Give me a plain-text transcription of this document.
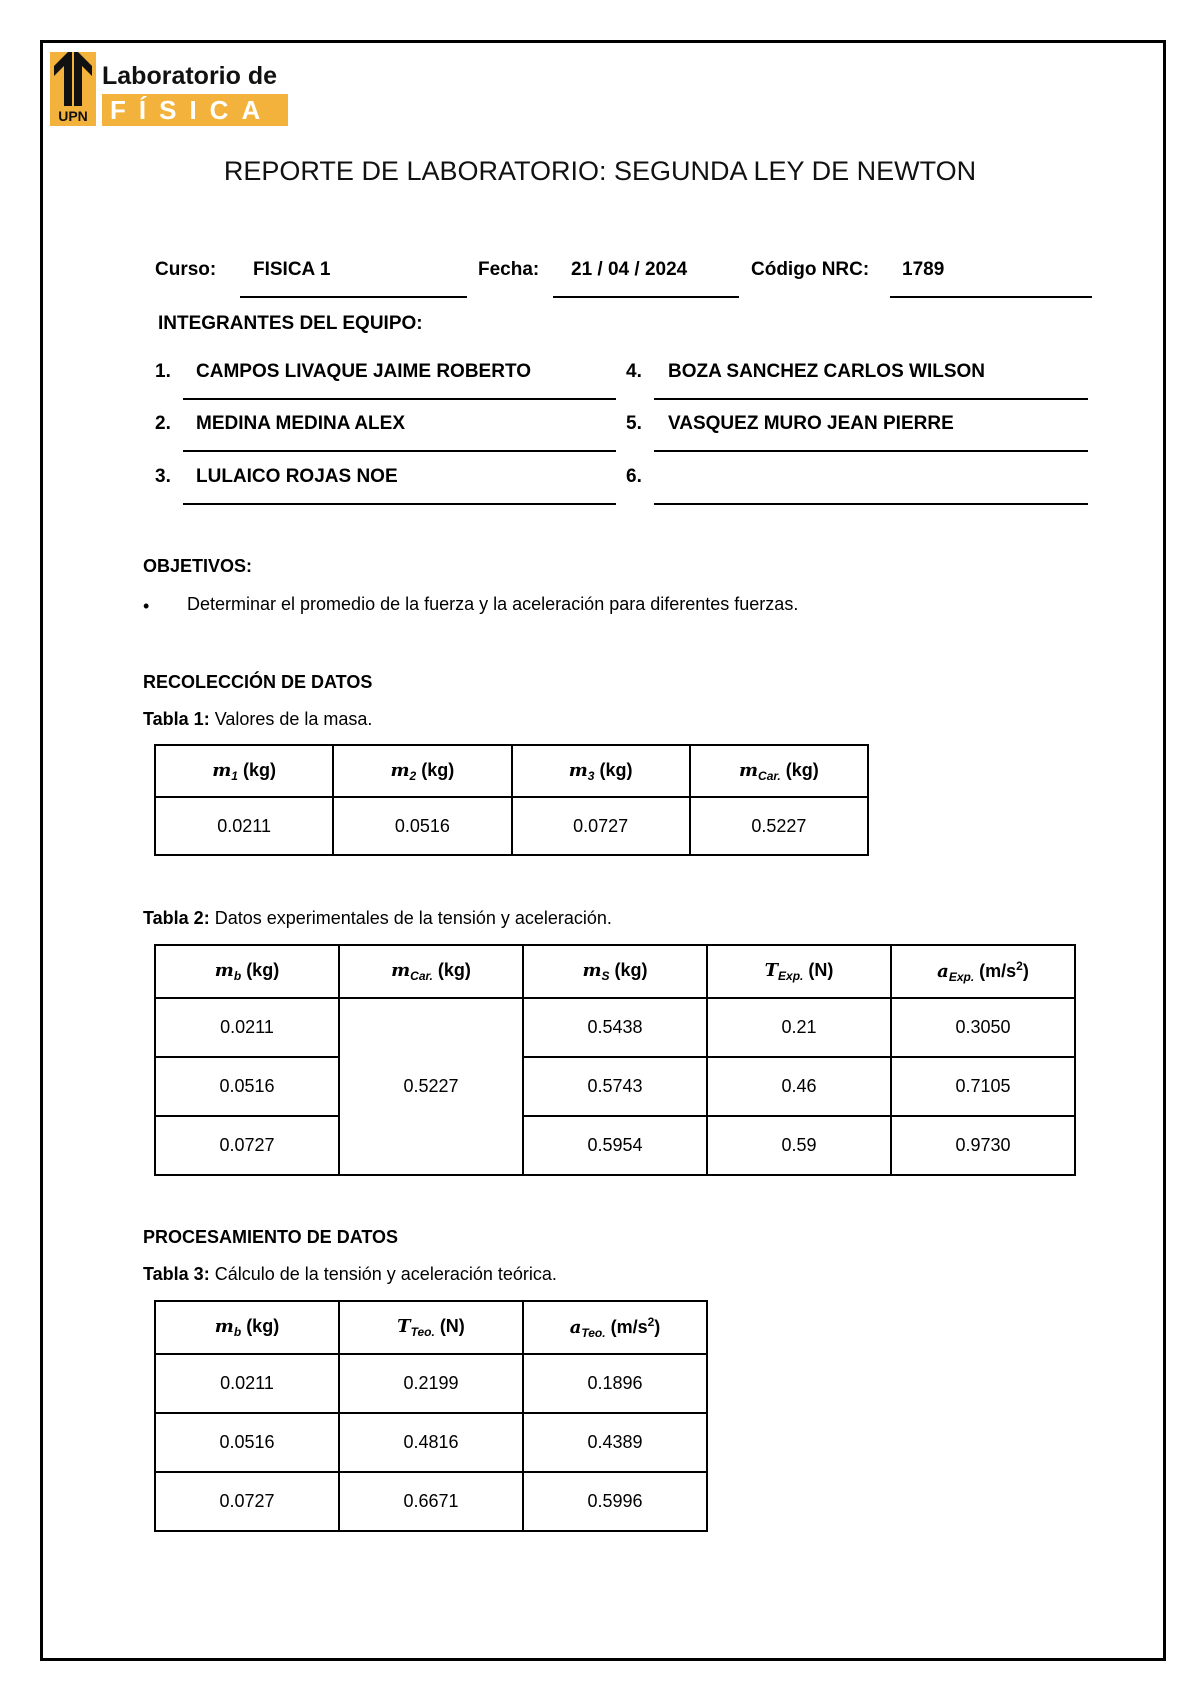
UPN
Laboratorio de
FÍSICA
REPORTE DE LABORATORIO: SEGUNDA LEY DE NEWTON
Curso: FISICA 1	Fecha: 21 / 04 / 2024	Código NRC: 1789
INTEGRANTES DEL EQUIPO:
1. CAMPOS LIVAQUE JAIME ROBERTO
2. MEDINA MEDINA ALEX
3. LULAICO ROJAS NOE
4. BOZA SANCHEZ CARLOS WILSON
5. VASQUEZ MURO JEAN PIERRE
6.
OBJETIVOS:
• Determinar el promedio de la fuerza y la aceleración para diferentes fuerzas.
RECOLECCIÓN DE DATOS
Tabla 1: Valores de la masa.
$m_1$ (kg)	$m_2$ (kg)	$m_3$ (kg)	$m_{Car.}$ (kg)
0.0211	0.0516	0.0727	0.5227
Tabla 2: Datos experimentales de la tensión y aceleración.
$m_b$ (kg)	$m_{Car.}$ (kg)	$m_S$ (kg)	$T_{Exp.}$ (N)	$a_{Exp.}$ $(m/s^2)$
0.0211	0.5227	0.5438	0.21	0.3050
0.0516		0.5743	0.46	0.7105
0.0727		0.5954	0.59	0.9730
PROCESAMIENTO DE DATOS
Tabla 3: Cálculo de la tensión y aceleración teórica.
$m_b$ (kg)	$T_{Teo.}$ (N)	$a_{Teo.}$ $(m/s^2)$
0.0211	0.2199	0.1896
0.0516	0.4816	0.4389
0.0727	0.6671	0.5996
